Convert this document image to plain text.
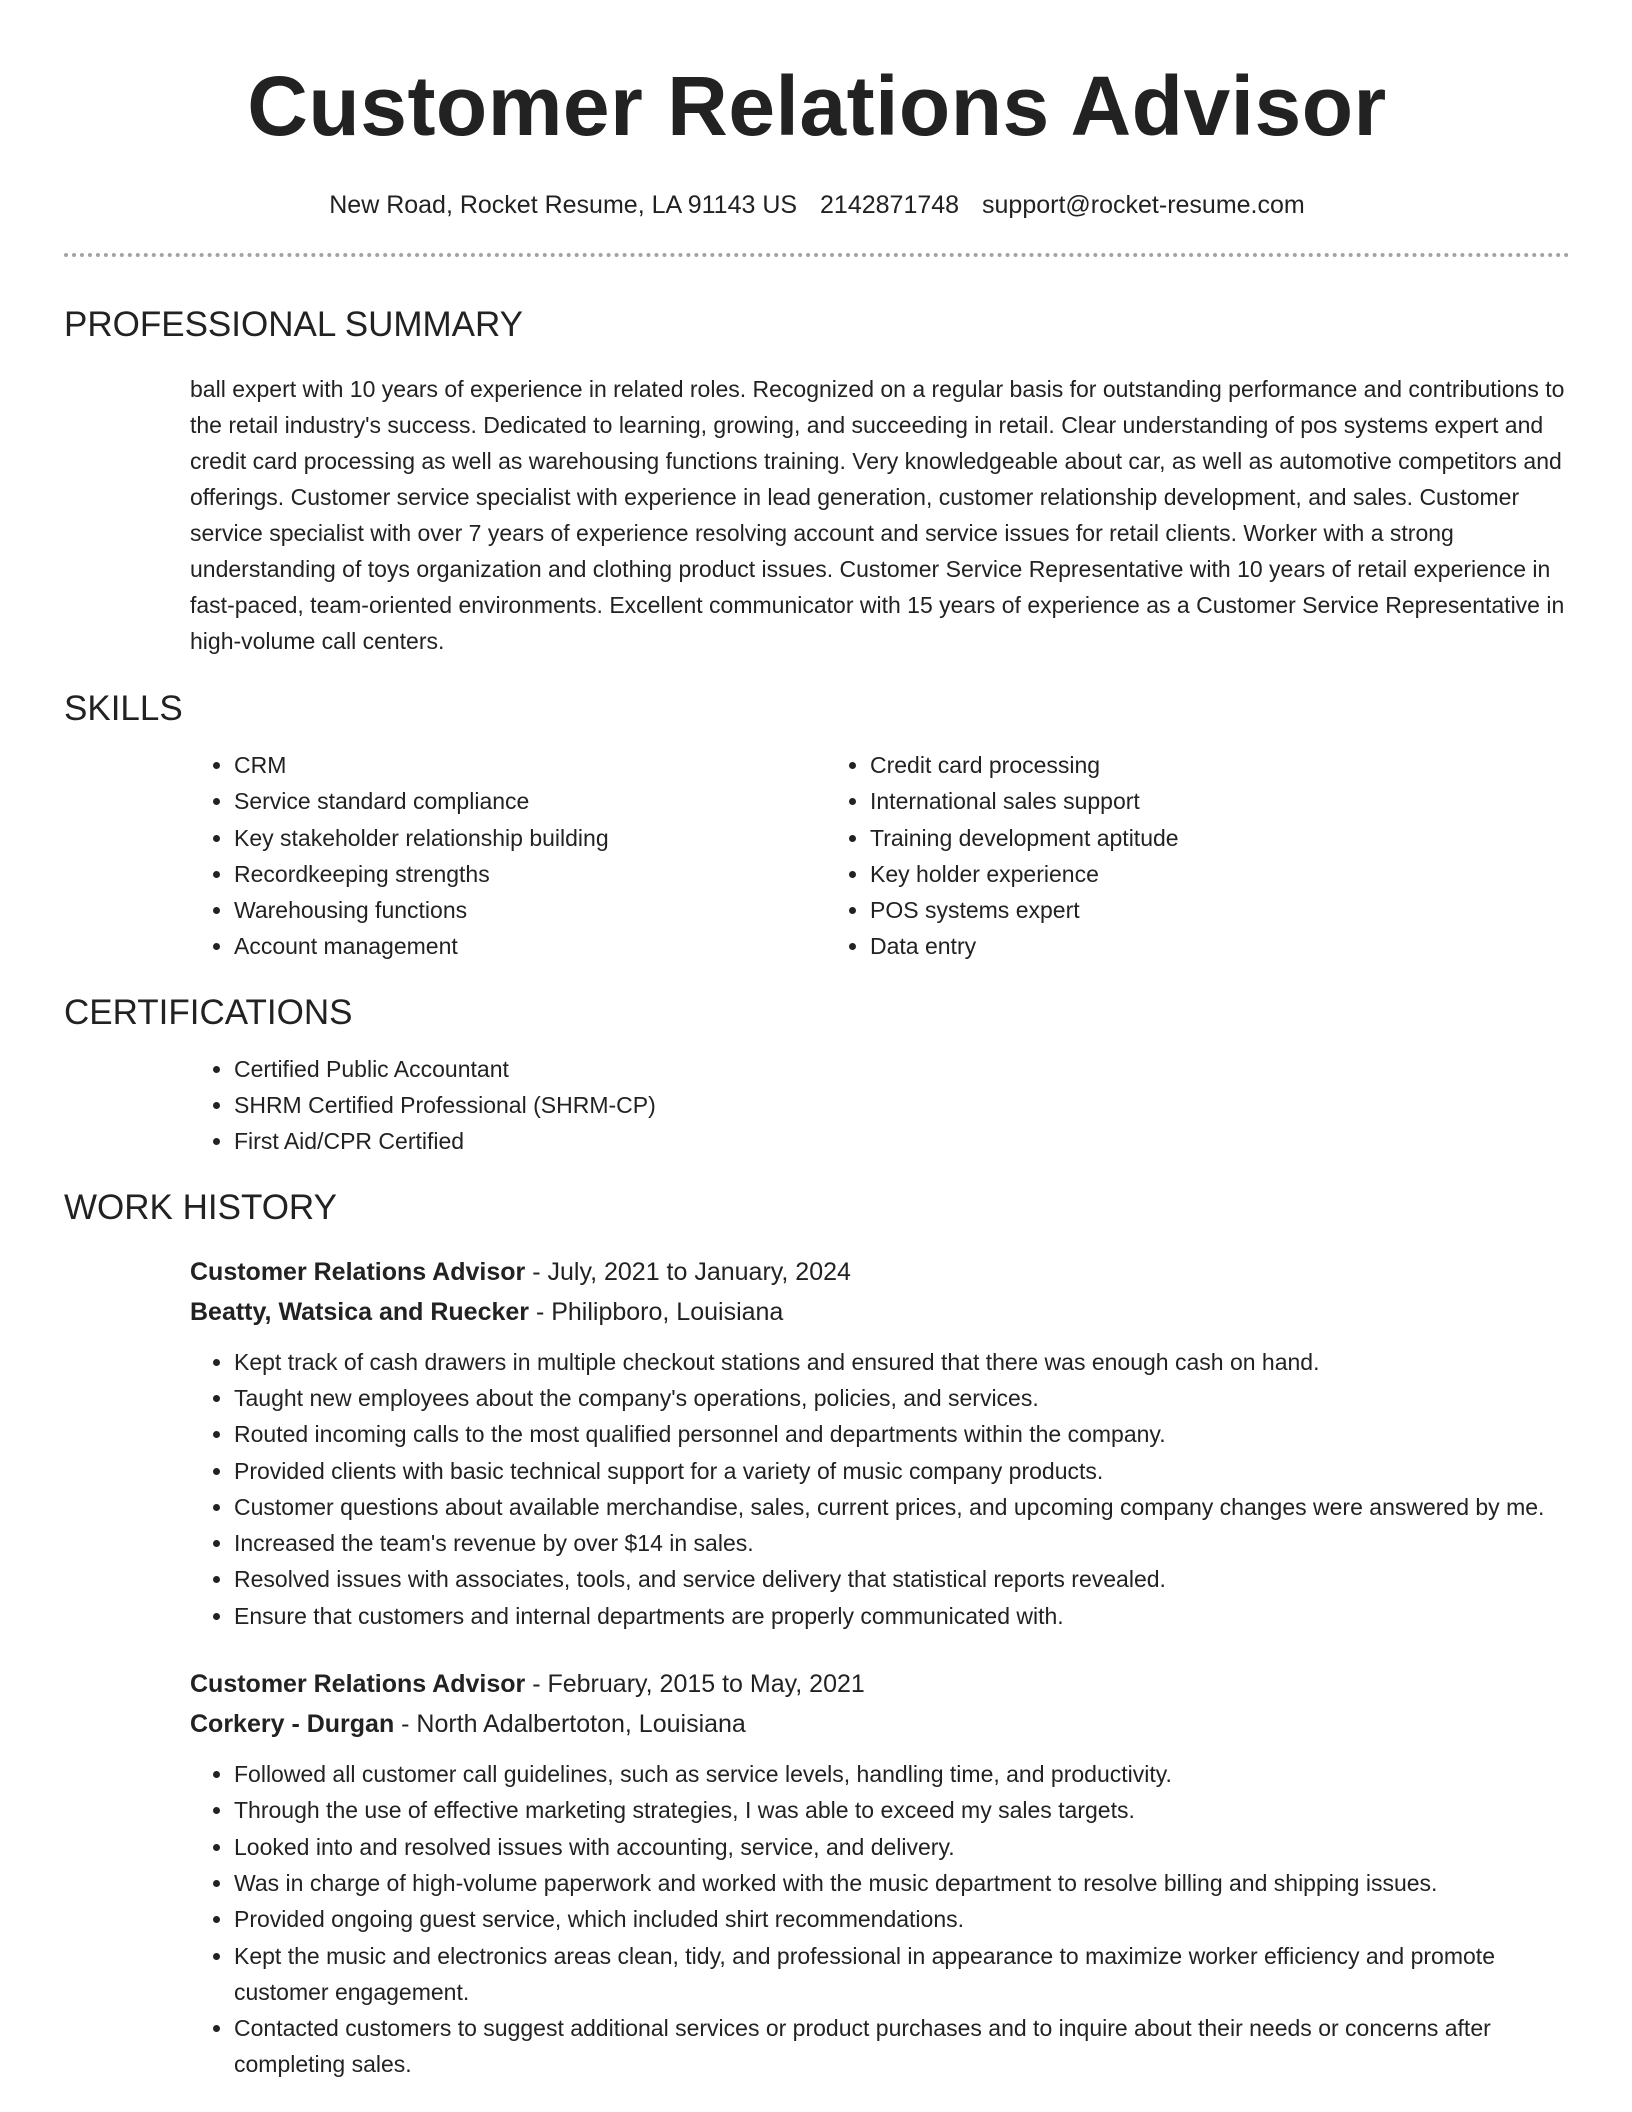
Customer Relations Advisor
New Road, Rocket Resume, LA 91143 US 2142871748 support@rocket-resume.com
PROFESSIONAL SUMMARY

ball expert with 10 years of experience in related roles. Recognized on a regular basis for outstanding performance and contributions to the retail industry's success. Dedicated to learning, growing, and succeeding in retail. Clear understanding of pos systems expert and credit card processing as well as warehousing functions training. Very knowledgeable about car, as well as automotive competitors and offerings. Customer service specialist with experience in lead generation, customer relationship development, and sales. Customer service specialist with over 7 years of experience resolving account and service issues for retail clients. Worker with a strong understanding of toys organization and clothing product issues. Customer Service Representative with 10 years of retail experience in fast-paced, team-oriented environments. Excellent communicator with 15 years of experience as a Customer Service Representative in high-volume call centers.

SKILLS
• CRM
• Service standard compliance
• Key stakeholder relationship building
• Recordkeeping strengths
• Warehousing functions
• Account management
• Credit card processing
• International sales support
• Training development aptitude
• Key holder experience
• POS systems expert
• Data entry
CERTIFICATIONS
• Certified Public Accountant
• SHRM Certified Professional (SHRM-CP)
• First Aid/CPR Certified
WORK HISTORY
Customer Relations Advisor - July, 2021 to January, 2024
Beatty, Watsica and Ruecker - Philipboro, Louisiana
• Kept track of cash drawers in multiple checkout stations and ensured that there was enough cash on hand.
• Taught new employees about the company's operations, policies, and services.
• Routed incoming calls to the most qualified personnel and departments within the company.
• Provided clients with basic technical support for a variety of music company products.
• Customer questions about available merchandise, sales, current prices, and upcoming company changes were answered by me.
• Increased the team's revenue by over $14 in sales.
• Resolved issues with associates, tools, and service delivery that statistical reports revealed.
• Ensure that customers and internal departments are properly communicated with.
Customer Relations Advisor - February, 2015 to May, 2021
Corkery - Durgan - North Adalbertoton, Louisiana
• Followed all customer call guidelines, such as service levels, handling time, and productivity.
• Through the use of effective marketing strategies, I was able to exceed my sales targets.
• Looked into and resolved issues with accounting, service, and delivery.
• Was in charge of high-volume paperwork and worked with the music department to resolve billing and shipping issues.
• Provided ongoing guest service, which included shirt recommendations.
• Kept the music and electronics areas clean, tidy, and professional in appearance to maximize worker efficiency and promote customer engagement.
• Contacted customers to suggest additional services or product purchases and to inquire about their needs or concerns after completing sales.
